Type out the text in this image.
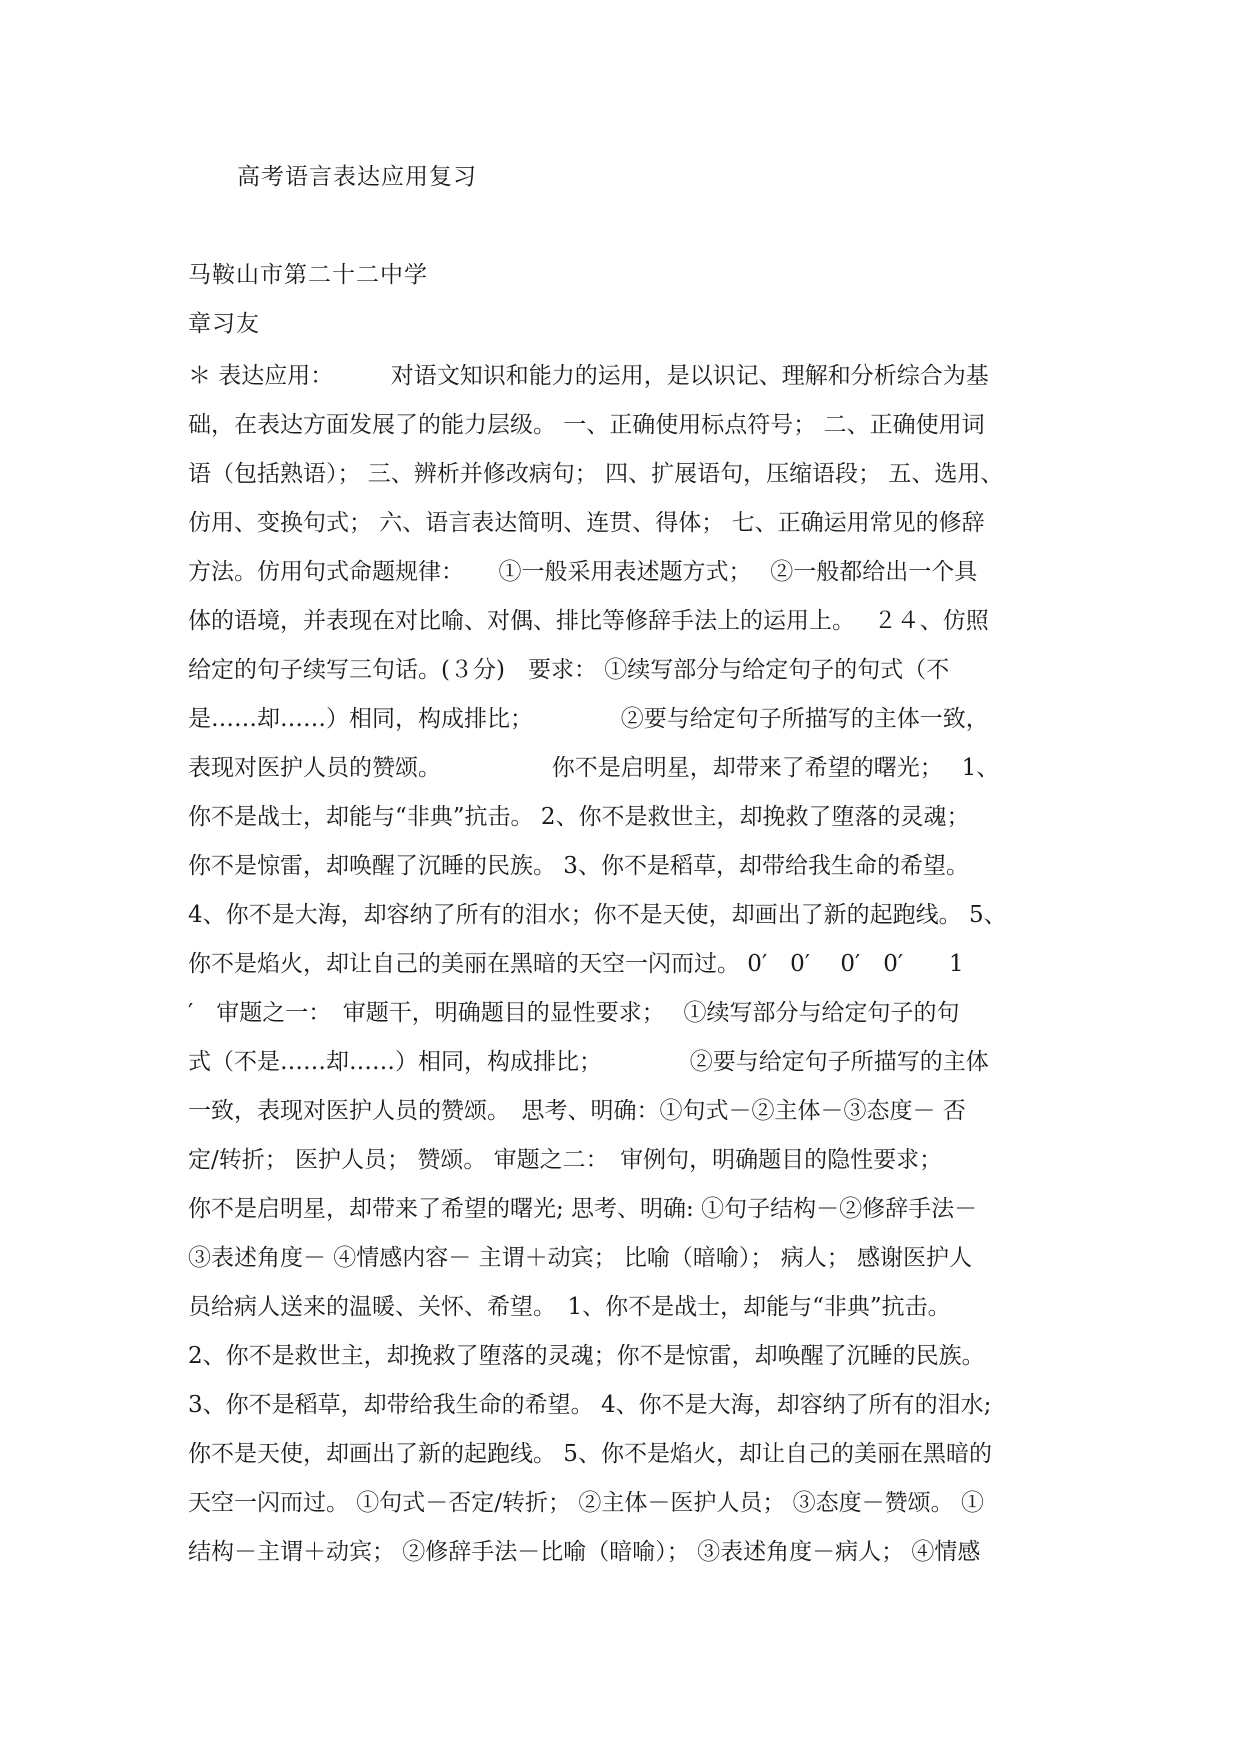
高考语言表达应用复习
马鞍山市第二十二中学
章习友
＊ 表达应用：　　　对语文知识和能力的运用，是以识记、理解和分析综合为基
础，在表达方面发展了的能力层级。 一、正确使用标点符号； 二、正确使用词
语（包括熟语）； 三、辨析并修改病句； 四、扩展语句，压缩语段； 五、选用、
仿用、变换句式； 六、语言表达简明、连贯、得体； 七、正确运用常见的修辞
方法。仿用句式命题规律：　　①一般采用表述题方式；　 ②一般都给出一个具
体的语境，并表现在对比喻、对偶、排比等修辞手法上的运用上。　 ２４、仿照
给定的句子续写三句话。(３分)　要求： ①续写部分与给定句子的句式（不
是……却……）相同，构成排比；　　　　 ②要与给定句子所描写的主体一致，
表现对医护人员的赞颂。　　　　　 你不是启明星，却带来了希望的曙光；　 1、
你不是战士，却能与“非典”抗击。 2、你不是救世主，却挽救了堕落的灵魂；
你不是惊雷，却唤醒了沉睡的民族。 3、你不是稻草，却带给我生命的希望。
4、你不是大海，却容纳了所有的泪水；你不是天使，却画出了新的起跑线。 5、
你不是焰火，却让自己的美丽在黑暗的天空一闪而过。 0′　0′　 0′　0′　　1
′　审题之一：　审题干，明确题目的显性要求；　 ①续写部分与给定句子的句
式（不是……却……）相同，构成排比；　　　　 ②要与给定句子所描写的主体
一致，表现对医护人员的赞颂。　思考、明确：①句式－②主体－③态度－ 否
定/转折； 医护人员； 赞颂。 审题之二：　审例句，明确题目的隐性要求；
你不是启明星，却带来了希望的曙光; 思考、明确: ①句子结构－②修辞手法－
③表述角度－ ④情感内容－ 主谓＋动宾； 比喻（暗喻）； 病人； 感谢医护人
员给病人送来的温暖、关怀、希望。　1、你不是战士，却能与“非典”抗击。
2、你不是救世主，却挽救了堕落的灵魂；你不是惊雷，却唤醒了沉睡的民族。
3、你不是稻草，却带给我生命的希望。 4、你不是大海，却容纳了所有的泪水;
你不是天使，却画出了新的起跑线。 5、你不是焰火，却让自己的美丽在黑暗的
天空一闪而过。 ①句式－否定/转折； ②主体－医护人员； ③态度－赞颂。 ①
结构－主谓＋动宾； ②修辞手法－比喻（暗喻）； ③表述角度－病人； ④情感
